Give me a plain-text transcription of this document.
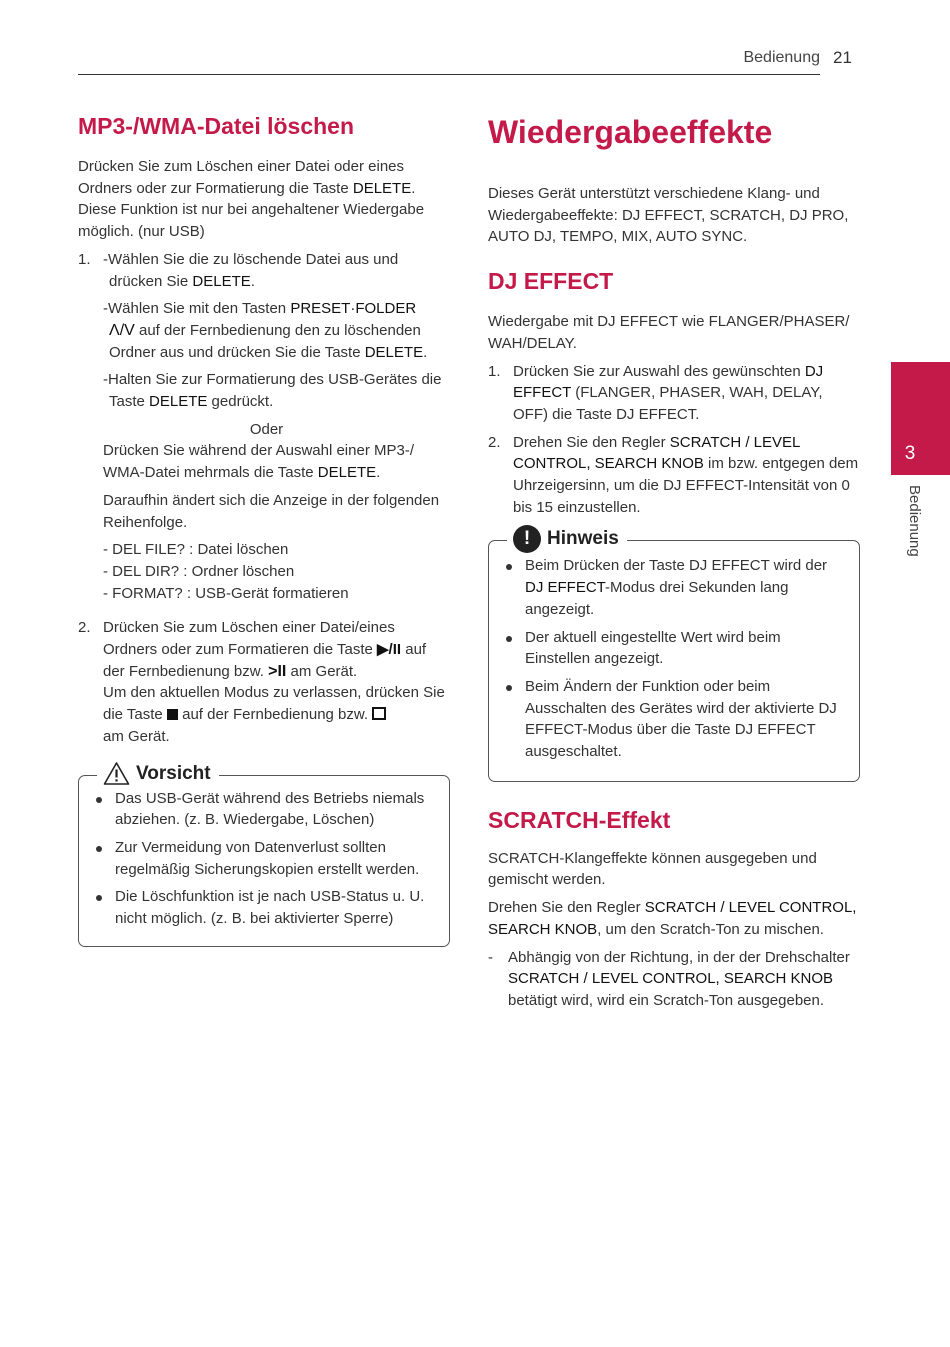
Bedienung 21
3
Bedienung
MP3-/WMA-Datei löschen

Drücken Sie zum Löschen einer Datei oder eines Ordners oder zur Formatierung die Taste DELETE. Diese Funktion ist nur bei angehaltener Wiedergabe möglich. (nur USB)

1. -Wählen Sie die zu löschende Datei aus und drücken Sie DELETE.

-Wählen Sie mit den Tasten PRESET·FOLDER
Λ/V auf der Fernbedienung den zu löschenden Ordner aus und drücken Sie die Taste DELETE.

-Halten Sie zur Formatierung des USB-Gerätes die Taste DELETE gedrückt.

Oder

Drücken Sie während der Auswahl einer MP3-/ WMA-Datei mehrmals die Taste DELETE.

Daraufhin ändert sich die Anzeige in der folgenden Reihenfolge.

- DEL FILE? : Datei löschen

- DEL DIR? : Ordner löschen

- FORMAT? : USB-Gerät formatieren

2. Drücken Sie zum Löschen einer Datei/eines Ordners oder zum Formatieren die Taste ▶/II auf der Fernbedienung bzw. >II am Gerät.
Um den aktuellen Modus zu verlassen, drücken Sie die Taste  auf der Fernbedienung bzw.
am Gerät.

Vorsicht
Das USB-Gerät während des Betriebs niemals abziehen. (z. B. Wiedergabe, Löschen)
Zur Vermeidung von Datenverlust sollten regelmäßig Sicherungskopien erstellt werden.
Die Löschfunktion ist je nach USB-Status u. U. nicht möglich. (z. B. bei aktivierter Sperre)
Wiedergabeeffekte

Dieses Gerät unterstützt verschiedene Klang- und Wiedergabeeffekte: DJ EFFECT, SCRATCH, DJ PRO, AUTO DJ, TEMPO, MIX, AUTO SYNC.

DJ EFFECT

Wiedergabe mit DJ EFFECT wie FLANGER/PHASER/ WAH/DELAY.

1. Drücken Sie zur Auswahl des gewünschten DJ EFFECT (FLANGER, PHASER, WAH, DELAY, OFF) die Taste DJ EFFECT.

2. Drehen Sie den Regler SCRATCH / LEVEL CONTROL, SEARCH KNOB im bzw. entgegen dem Uhrzeigersinn, um die DJ EFFECT-Intensität von 0 bis 15 einzustellen.

! Hinweis
Beim Drücken der Taste DJ EFFECT wird der DJ EFFECT-Modus drei Sekunden lang angezeigt.
Der aktuell eingestellte Wert wird beim Einstellen angezeigt.
Beim Ändern der Funktion oder beim Ausschalten des Gerätes wird der aktivierte DJ EFFECT-Modus über die Taste DJ EFFECT ausgeschaltet.
SCRATCH-Effekt

SCRATCH-Klangeffekte können ausgegeben und gemischt werden.

Drehen Sie den Regler SCRATCH / LEVEL CONTROL, SEARCH KNOB, um den Scratch-Ton zu mischen.

- Abhängig von der Richtung, in der der Drehschalter SCRATCH / LEVEL CONTROL, SEARCH KNOB betätigt wird, wird ein Scratch-Ton ausgegeben.
